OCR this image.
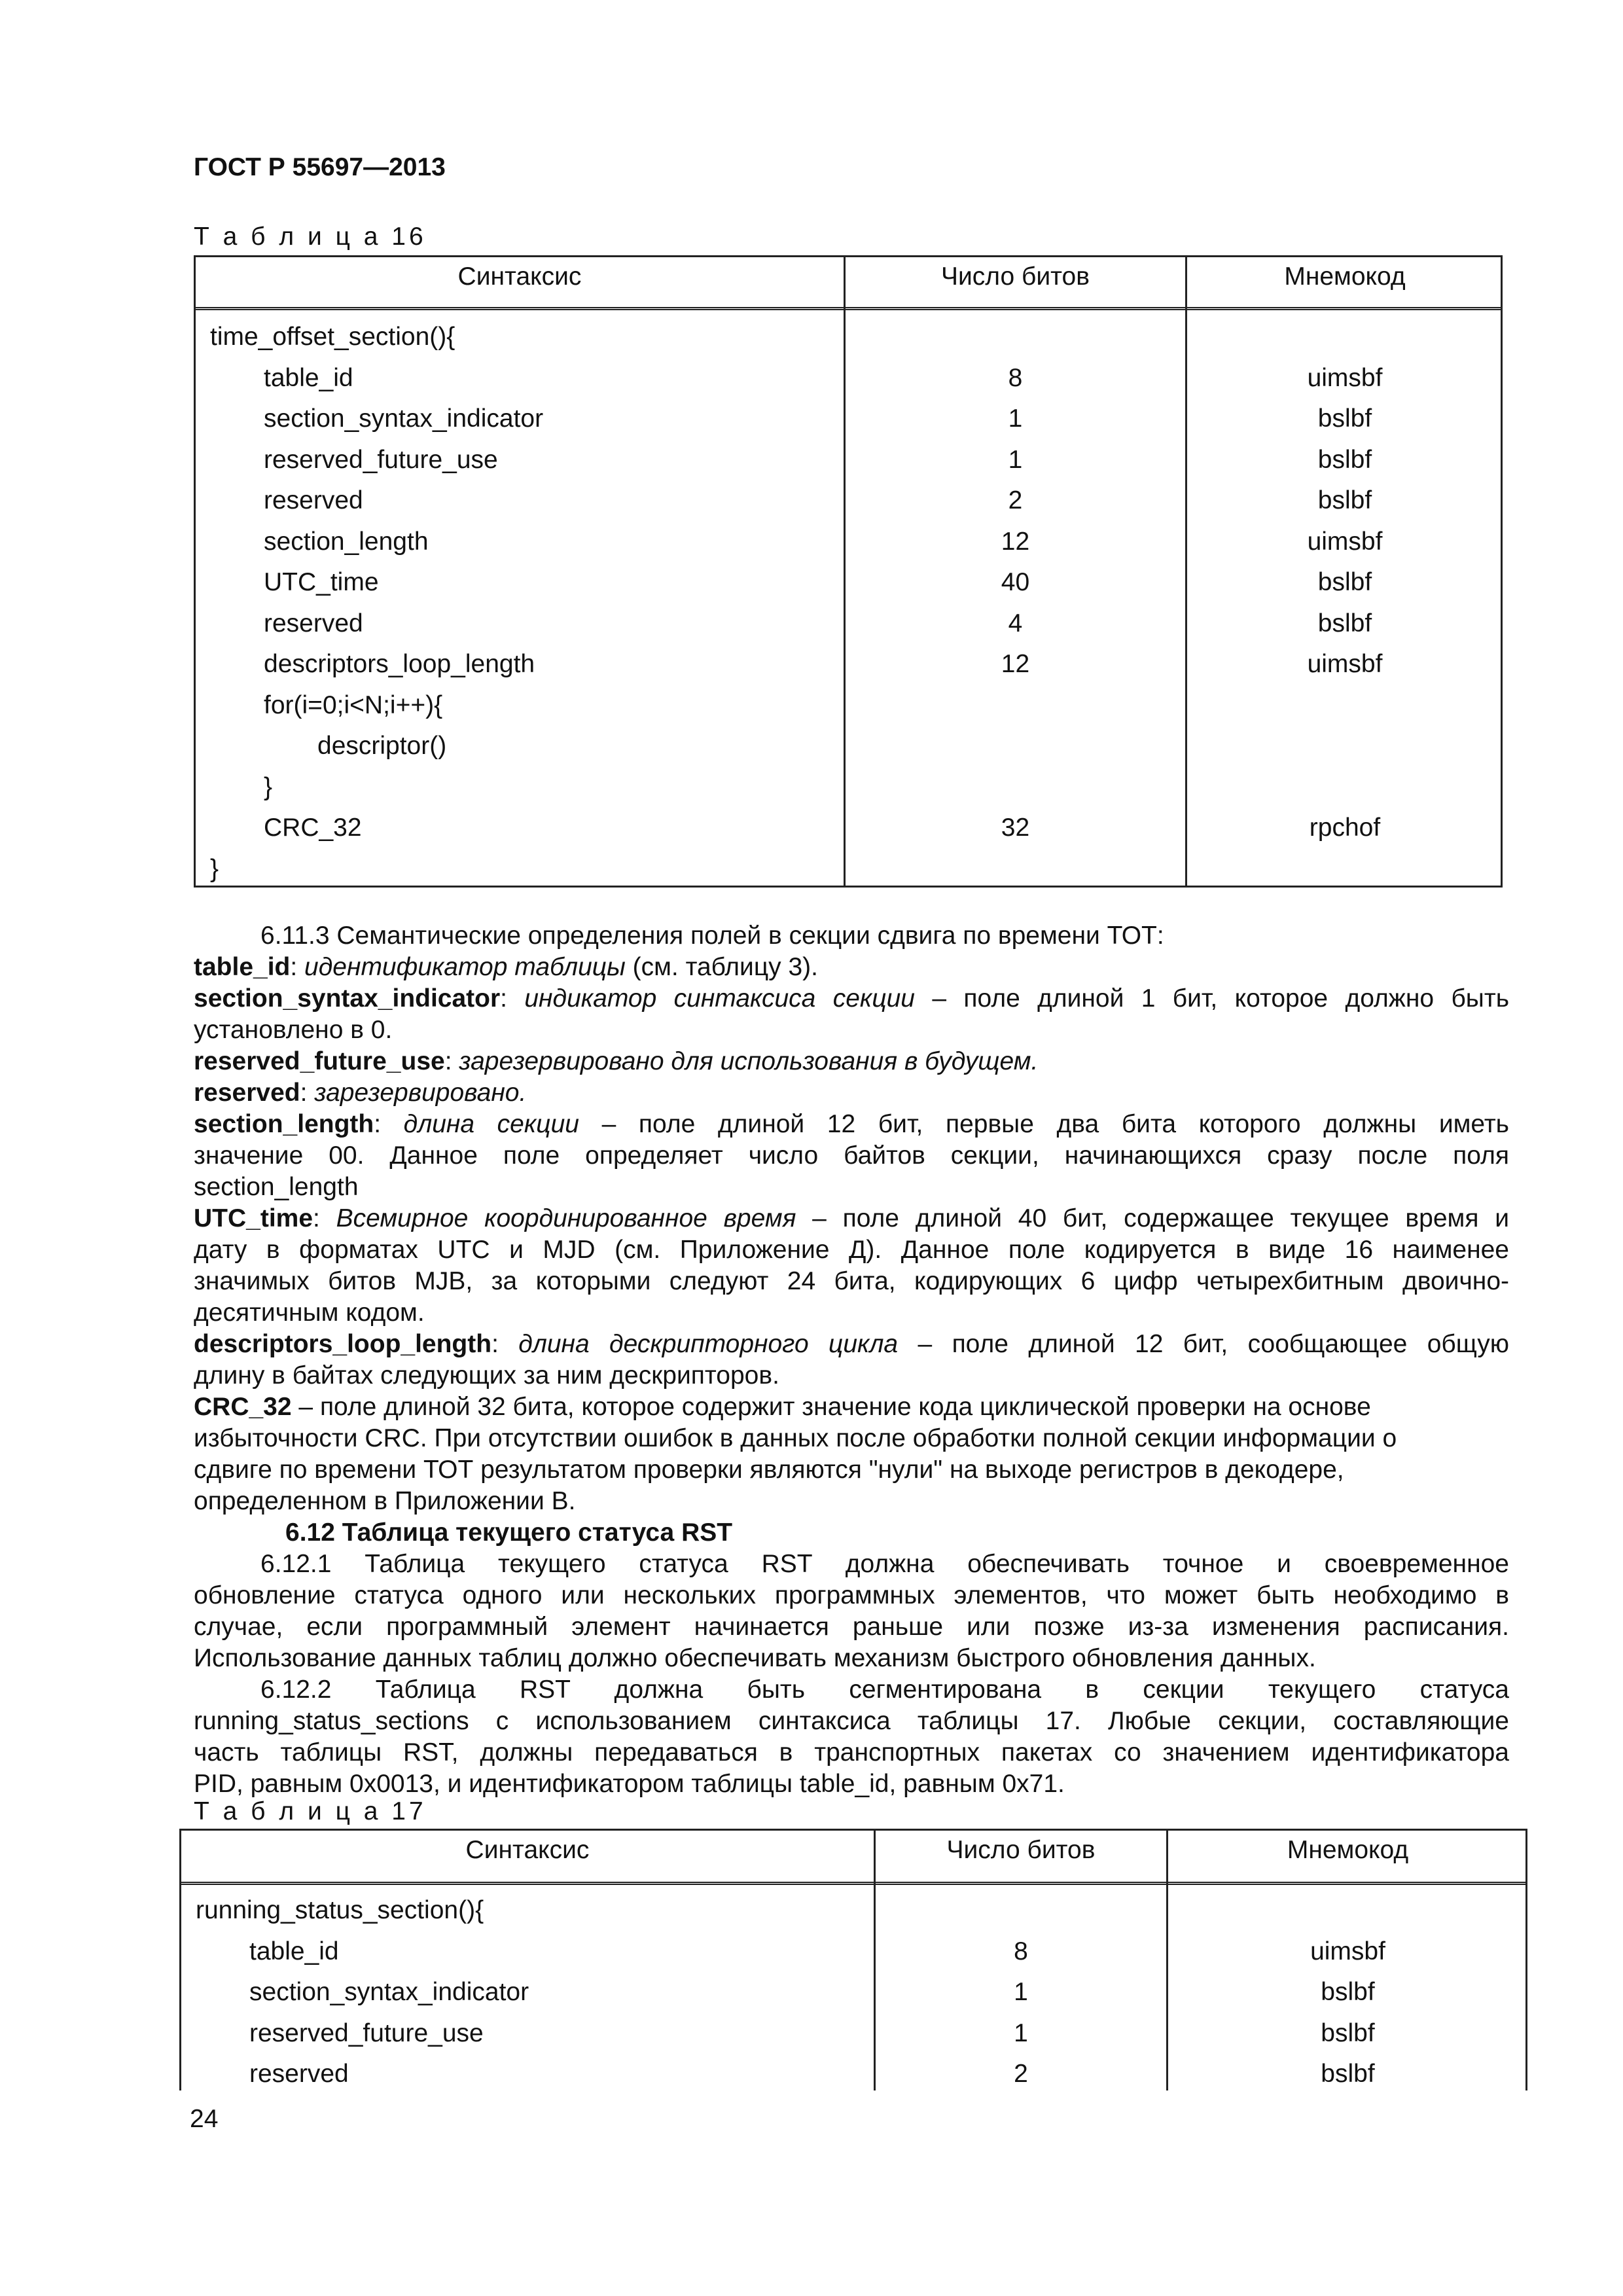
ГОСТ Р 55697—2013
Т а б л и ц а 16
Синтаксис	Число битов	Мнемокод
time_offset_section(){
table_id	8	uimsbf
section_syntax_indicator	1	bslbf
reserved_future_use	1	bslbf
reserved	2	bslbf
section_length	12	uimsbf
UTC_time	40	bslbf
reserved	4	bslbf
descriptors_loop_length	12	uimsbf
for(i=0;i<N;i++){
descriptor()
}
CRC_32	32	rpchof
}
6.11.3 Семантические определения полей в секции сдвига по времени ТОТ:
table_id: идентификатор таблицы (см. таблицу 3).
section_syntax_indicator: индикатор синтаксиса секции – поле длиной 1 бит, которое должно быть
установлено в 0.
reserved_future_use: зарезервировано для использования в будущем.
reserved: зарезервировано.
section_length: длина секции – поле длиной 12 бит, первые два бита которого должны иметь
значение 00. Данное поле определяет число байтов секции, начинающихся сразу после поля
section_length
UTC_time: Всемирное координированное время – поле длиной 40 бит, содержащее текущее время и
дату в форматах UTC и MJD (см. Приложение Д). Данное поле кодируется в виде 16 наименее
значимых битов MJB, за которыми следуют 24 бита, кодирующих 6 цифр четырехбитным двоично-
десятичным кодом.
descriptors_loop_length: длина дескрипторного цикла – поле длиной 12 бит, сообщающее общую
длину в байтах следующих за ним дескрипторов.
CRC_32 – поле длиной 32 бита, которое содержит значение кода циклической проверки на основе
избыточности CRC. При отсутствии ошибок в данных после обработки полной секции информации о
сдвиге по времени ТОТ результатом проверки являются "нули" на выходе регистров в декодере,
определенном в Приложении В.
6.12 Таблица текущего статуса RST
6.12.1 Таблица текущего статуса RST должна обеспечивать точное и своевременное
обновление статуса одного или нескольких программных элементов, что может быть необходимо в
случае, если программный элемент начинается раньше или позже из-за изменения расписания.
Использование данных таблиц должно обеспечивать механизм быстрого обновления данных.
6.12.2 Таблица RST должна быть сегментирована в секции текущего статуса
running_status_sections с использованием синтаксиса таблицы 17. Любые секции, составляющие
часть таблицы RST, должны передаваться в транспортных пакетах со значением идентификатора
PID, равным 0x0013, и идентификатором таблицы table_id, равным 0x71.
Т а б л и ц а 17
Синтаксис	Число битов	Мнемокод
running_status_section(){
table_id	8	uimsbf
section_syntax_indicator	1	bslbf
reserved_future_use	1	bslbf
reserved	2	bslbf
24
